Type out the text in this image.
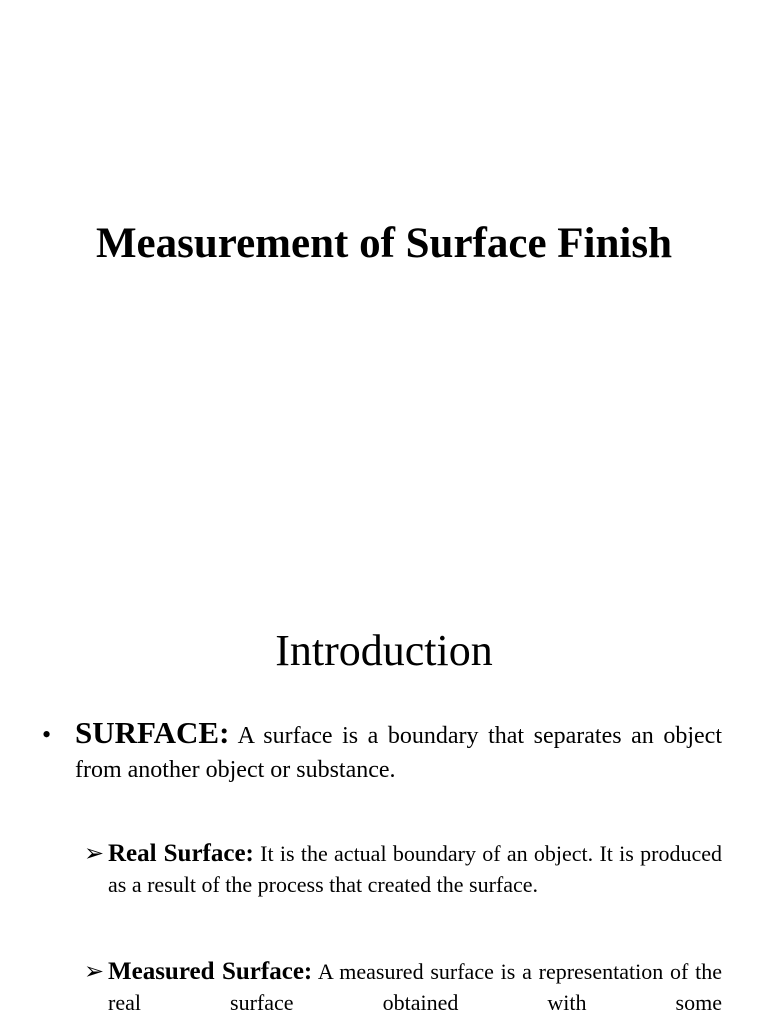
Measurement of Surface Finish
Introduction
• SURFACE: A surface is a boundary that separates an object from another object or substance.
➢ Real Surface: It is the actual boundary of an object. It is produced as a result of the process that created the surface.
➢ Measured Surface: A measured surface is a representation of the real surface obtained with some
